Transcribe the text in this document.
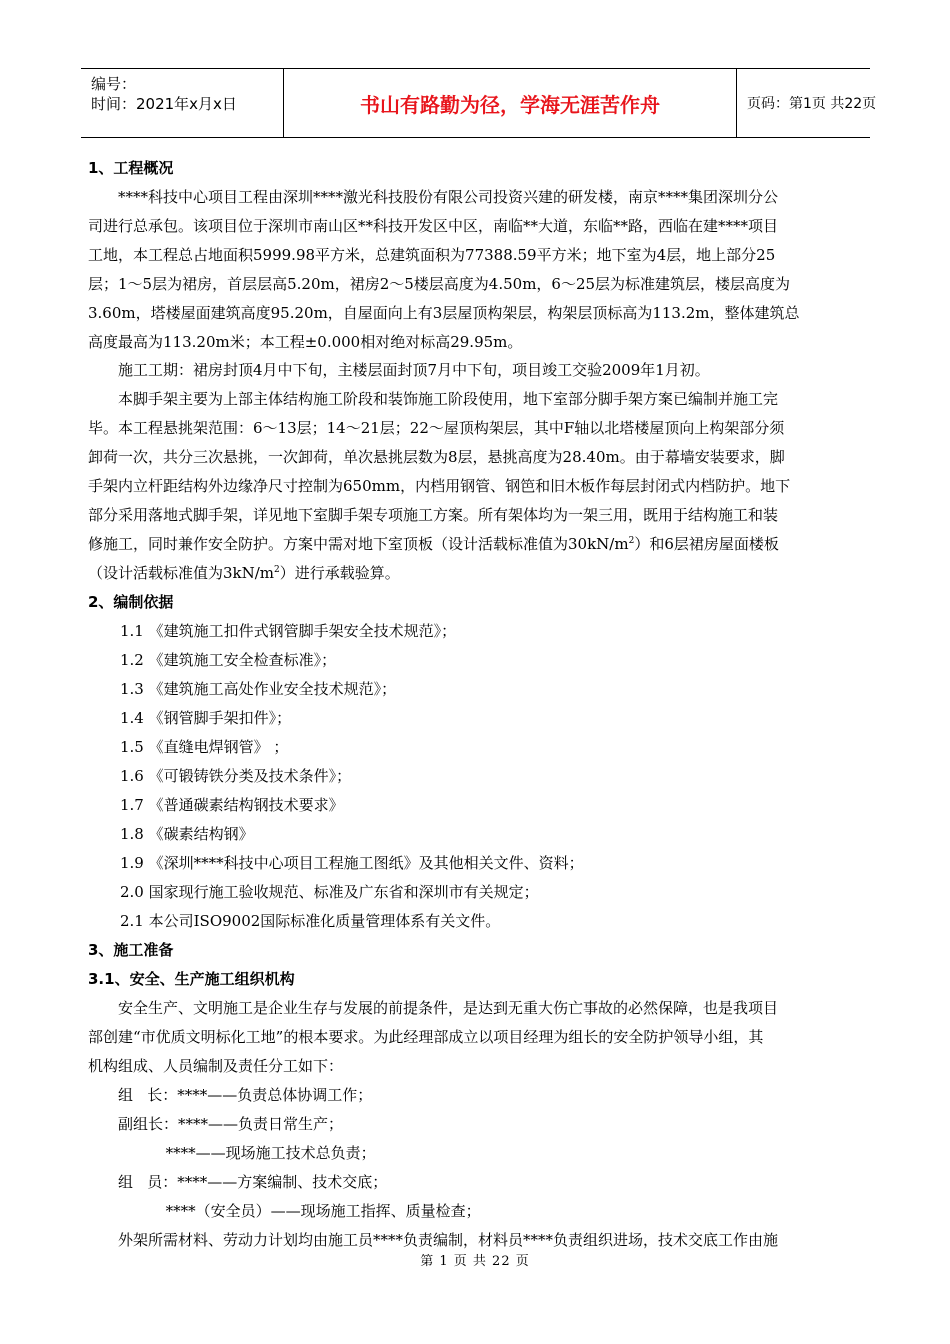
编号：
时间：2021年x月x日	书山有路勤为径，学海无涯苦作舟	页码：第1页 共22页
1、工程概况
****科技中心项目工程由深圳****激光科技股份有限公司投资兴建的研发楼，南京****集团深圳分公
司进行总承包。该项目位于深圳市南山区**科技开发区中区，南临**大道，东临**路，西临在建****项目
工地，本工程总占地面积5999.98平方米，总建筑面积为77388.59平方米；地下室为4层，地上部分25
层；1～5层为裙房，首层层高5.20m，裙房2～5楼层高度为4.50m，6～25层为标准建筑层，楼层高度为
3.60m，塔楼屋面建筑高度95.20m，自屋面向上有3层屋顶构架层，构架层顶标高为113.2m，整体建筑总
高度最高为113.20m米；本工程±0.000相对绝对标高29.95m。
施工工期：裙房封顶4月中下旬，主楼层面封顶7月中下旬，项目竣工交验2009年1月初。
本脚手架主要为上部主体结构施工阶段和装饰施工阶段使用，地下室部分脚手架方案已编制并施工完
毕。本工程悬挑架范围：6～13层；14～21层；22～屋顶构架层，其中F轴以北塔楼屋顶向上构架部分须
卸荷一次，共分三次悬挑，一次卸荷，单次悬挑层数为8层，悬挑高度为28.40m。由于幕墙安装要求，脚
手架内立杆距结构外边缘净尺寸控制为650mm，内档用钢管、钢笆和旧木板作每层封闭式内档防护。地下
部分采用落地式脚手架，详见地下室脚手架专项施工方案。所有架体均为一架三用，既用于结构施工和装
修施工，同时兼作安全防护。方案中需对地下室顶板（设计活载标准值为$30kN/m^2$）和6层裙房屋面楼板
（设计活载标准值为$3kN/m^2$）进行承载验算。
2、编制依据
1.1 《建筑施工扣件式钢管脚手架安全技术规范》；
1.2 《建筑施工安全检查标准》；
1.3 《建筑施工高处作业安全技术规范》；
1.4 《钢管脚手架扣件》；
1.5 《直缝电焊钢管》 ；
1.6 《可锻铸铁分类及技术条件》；
1.7 《普通碳素结构钢技术要求》
1.8 《碳素结构钢》
1.9 《深圳****科技中心项目工程施工图纸》及其他相关文件、资料；
2.0 国家现行施工验收规范、标准及广东省和深圳市有关规定；
2.1 本公司ISO9002国际标准化质量管理体系有关文件。
3、施工准备
3.1、安全、生产施工组织机构
安全生产、文明施工是企业生存与发展的前提条件，是达到无重大伤亡事故的必然保障，也是我项目
部创建“市优质文明标化工地”的根本要求。为此经理部成立以项目经理为组长的安全防护领导小组，其
机构组成、人员编制及责任分工如下：
组   长：****——负责总体协调工作；
副组长：****——负责日常生产；
****——现场施工技术总负责；
组   员：****——方案编制、技术交底；
****（安全员）——现场施工指挥、质量检查；
外架所需材料、劳动力计划均由施工员****负责编制，材料员****负责组织进场，技术交底工作由施
第 1 页 共 22 页
